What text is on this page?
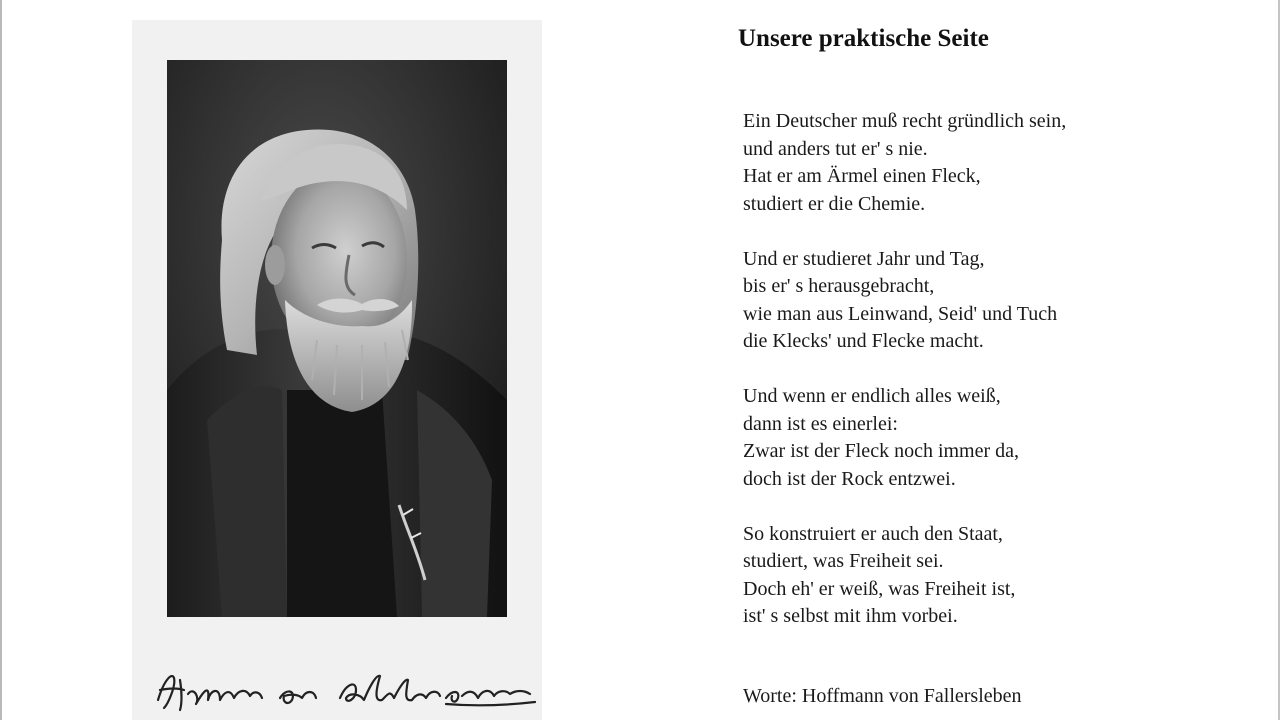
Unsere praktische Seite
Ein Deutscher muß recht gründlich sein,
und anders tut er' s nie.
Hat er am Ärmel einen Fleck,
studiert er die Chemie.
Und er studieret Jahr und Tag,
bis er' s herausgebracht,
wie man aus Leinwand, Seid' und Tuch
die Klecks' und Flecke macht.
Und wenn er endlich alles weiß,
dann ist es einerlei:
Zwar ist der Fleck noch immer da,
doch ist der Rock entzwei.
So konstruiert er auch den Staat,
studiert, was Freiheit sei.
Doch eh' er weiß, was Freiheit ist,
ist' s selbst mit ihm vorbei.
Worte: Hoffmann von Fallersleben
